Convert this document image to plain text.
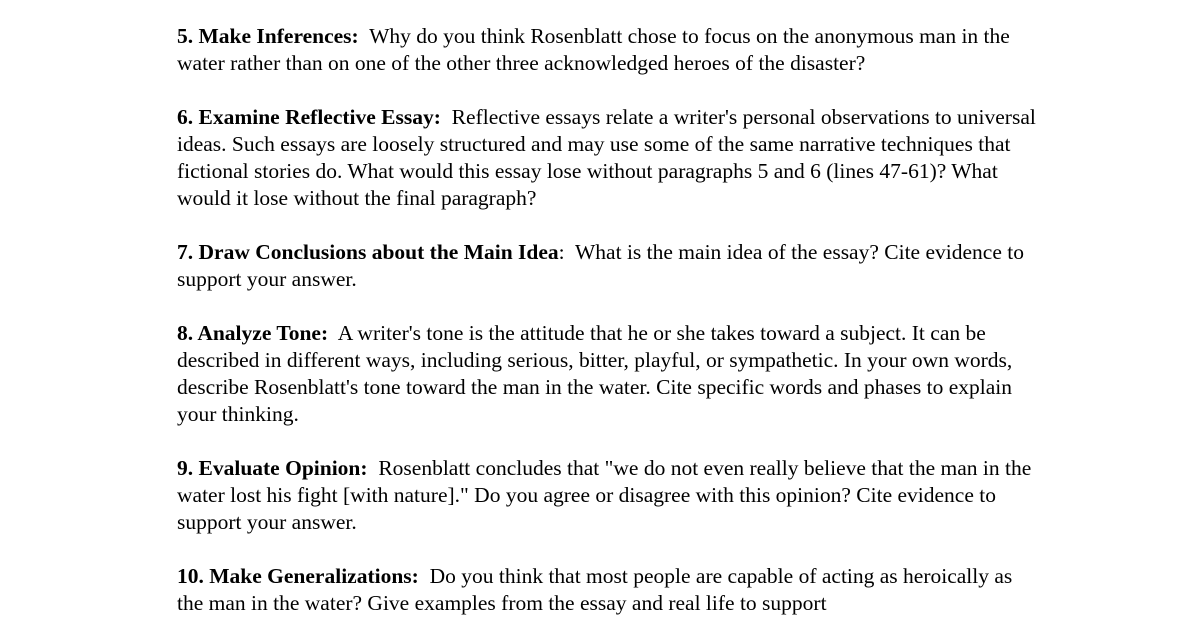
5. Make Inferences: Why do you think Rosenblatt chose to focus on the anonymous man in the water rather than on one of the other three acknowledged heroes of the disaster?

6. Examine Reflective Essay: Reflective essays relate a writer's personal observations to universal ideas. Such essays are loosely structured and may use some of the same narrative techniques that fictional stories do. What would this essay lose without paragraphs 5 and 6 (lines 47-61)? What would it lose without the final paragraph?

7. Draw Conclusions about the Main Idea:  What is the main idea of the essay? Cite evidence to support your answer.

8. Analyze Tone: A writer's tone is the attitude that he or she takes toward a subject. It can be described in different ways, including serious, bitter, playful, or sympathetic. In your own words, describe Rosenblatt's tone toward the man in the water. Cite specific words and phases to explain your thinking.

9. Evaluate Opinion: Rosenblatt concludes that "we do not even really believe that the man in the water lost his fight [with nature]." Do you agree or disagree with this opinion? Cite evidence to support your answer.

10. Make Generalizations: Do you think that most people are capable of acting as heroically as the man in the water? Give examples from the essay and real life to support
